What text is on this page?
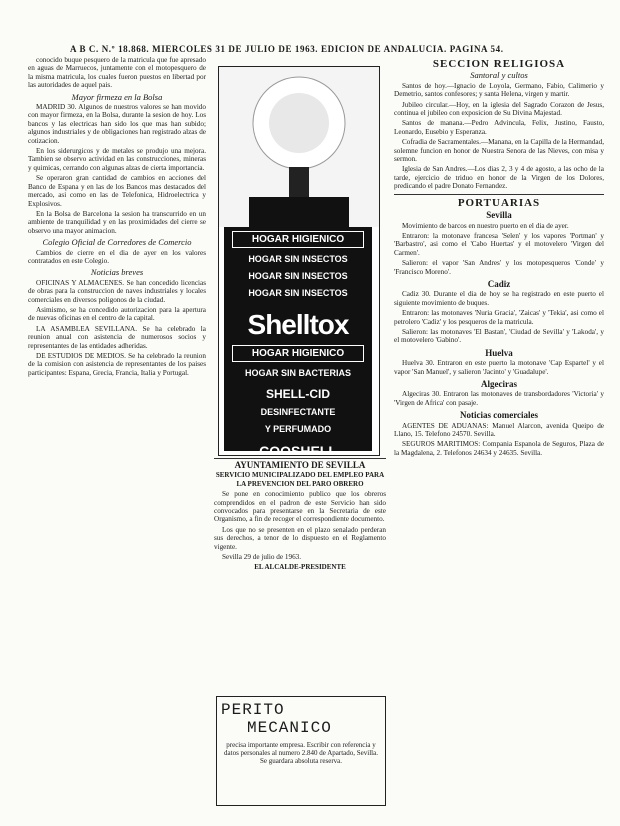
A B C. N.º 18.868. MIERCOLES 31 DE JULIO DE 1963. EDICION DE ANDALUCIA. PAGINA 54.
conocido buque pesquero de la matricula que fue apresado en aguas de Marruecos, juntamente con el motopesquero de la misma matricula, los cuales fueron puestos en libertad por las autoridades de aquel pais.
Mayor firmeza en la Bolsa
MADRID 30. Algunos de nuestros valores se han movido con mayor firmeza, en la Bolsa, durante la sesion de hoy. Los bancos y las electricas han sido los que mas han subido; algunos industriales y de obligaciones han registrado alzas de cotizacion.
En los siderurgicos y de metales se produjo una mejora. Tambien se observo actividad en las construcciones, mineras y quimicas, cerrando con algunas alzas de cierta importancia.
Se operaron gran cantidad de cambios en acciones del Banco de Espana y en las de los Bancos mas destacados del mercado, asi como en las de Telefonica, Hidroelectrica y Explosivos.
En la Bolsa de Barcelona la sesion ha transcurrido en un ambiente de tranquilidad y en las proximidades del cierre se observo una mayor animacion.
Colegio Oficial de Corredores de Comercio
Cambios de cierre en el dia de ayer en los valores contratados en este Colegio.
Noticias breves
OFICINAS Y ALMACENES. Se han concedido licencias de obras para la construccion de naves industriales y locales comerciales en diversos poligonos de la ciudad.
Asimismo, se ha concedido autorizacion para la apertura de nuevas oficinas en el centro de la capital.
LA ASAMBLEA SEVILLANA. Se ha celebrado la reunion anual con asistencia de numerosos socios y representantes de las entidades adheridas.
DE ESTUDIOS DE MEDIOS. Se ha celebrado la reunion de la comision con asistencia de representantes de los paises participantes: Espana, Grecia, Francia, Italia y Portugal.
HOGAR HIGIENICO
HOGAR SIN INSECTOS
HOGAR SIN INSECTOS
HOGAR SIN INSECTOS
Shelltox
HOGAR HIGIENICO
HOGAR SIN BACTERIAS
SHELL-CID
DESINFECTANTE
Y PERFUMADO
COOSHELL
AYUNTAMIENTO DE SEVILLA
SERVICIO MUNICIPALIZADO DEL EMPLEO PARA LA PREVENCION DEL PARO OBRERO
Se pone en conocimiento publico que los obreros comprendidos en el padron de este Servicio han sido convocados para presentarse en la Secretaria de este Organismo, a fin de recoger el correspondiente documento.
Los que no se presenten en el plazo senalado perderan sus derechos, a tenor de lo dispuesto en el Reglamento vigente.
Sevilla 29 de julio de 1963.
EL ALCALDE-PRESIDENTE
PERITO
MECANICO
precisa importante empresa. Escribir con referencia y datos personales al numero 2.840 de Apartado, Sevilla. Se guardara absoluta reserva.
SECCION RELIGIOSA
Santoral y cultos
Santos de hoy.—Ignacio de Loyola, Germano, Fabio, Calimerio y Demetrio, santos confesores; y santa Helena, virgen y martir.
Jubileo circular.—Hoy, en la iglesia del Sagrado Corazon de Jesus, continua el jubileo con exposicion de Su Divina Majestad.
Santos de manana.—Pedro Advincula, Felix, Justino, Fausto, Leonardo, Eusebio y Esperanza.
Cofradia de Sacramentales.—Manana, en la Capilla de la Hermandad, solemne funcion en honor de Nuestra Senora de las Nieves, con misa y sermon.
Iglesia de San Andres.—Los dias 2, 3 y 4 de agosto, a las ocho de la tarde, ejercicio de triduo en honor de la Virgen de los Dolores, predicando el padre Donato Fernandez.
PORTUARIAS
Sevilla
Movimiento de barcos en nuestro puerto en el dia de ayer.
Entraron: la motonave francesa 'Selen' y los vapores 'Portman' y 'Barbastro', asi como el 'Cabo Huertas' y el motovelero 'Virgen del Carmen'.
Salieron: el vapor 'San Andres' y los motopesqueros 'Conde' y 'Francisco Moreno'.
Cadiz
Cadiz 30. Durante el dia de hoy se ha registrado en este puerto el siguiente movimiento de buques.
Entraron: las motonaves 'Nuria Gracia', 'Zaicas' y 'Tekia', asi como el petrolero 'Cadiz' y los pesqueros de la matricula.
Salieron: las motonaves 'El Bastan', 'Ciudad de Sevilla' y 'Lakoda', y el motovelero 'Gabino'.
Huelva
Huelva 30. Entraron en este puerto la motonave 'Cap Espartel' y el vapor 'San Manuel', y salieron 'Jacinto' y 'Guadalupe'.
Algeciras
Algeciras 30. Entraron las motonaves de transbordadores 'Victoria' y 'Virgen de Africa' con pasaje.
Noticias comerciales
AGENTES DE ADUANAS: Manuel Alarcon, avenida Queipo de Llano, 15. Telefono 24570. Sevilla.
SEGUROS MARITIMOS: Compania Espanola de Seguros, Plaza de la Magdalena, 2. Telefonos 24634 y 24635. Sevilla.
